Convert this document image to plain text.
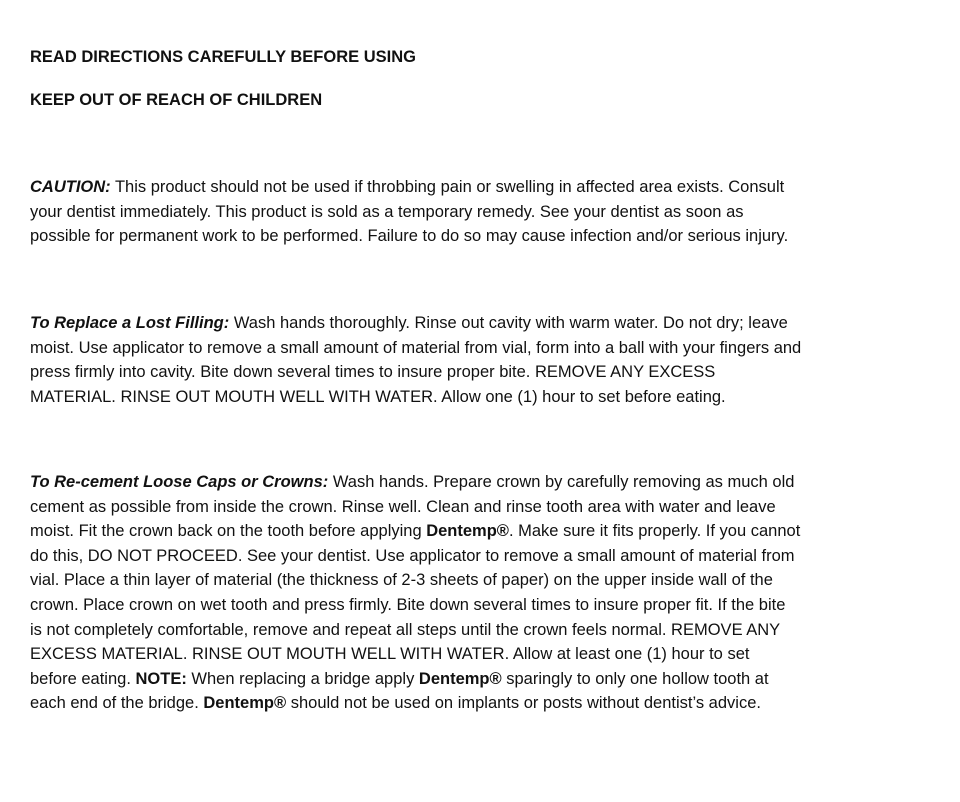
READ DIRECTIONS CAREFULLY BEFORE USING
KEEP OUT OF REACH OF CHILDREN
CAUTION: This product should not be used if throbbing pain or swelling in affected area exists. Consult
your dentist immediately. This product is sold as a temporary remedy. See your dentist as soon as
possible for permanent work to be performed. Failure to do so may cause infection and/or serious injury.
To Replace a Lost Filling: Wash hands thoroughly. Rinse out cavity with warm water. Do not dry; leave
moist. Use applicator to remove a small amount of material from vial, form into a ball with your fingers and
press firmly into cavity. Bite down several times to insure proper bite. REMOVE ANY EXCESS
MATERIAL. RINSE OUT MOUTH WELL WITH WATER. Allow one (1) hour to set before eating.
To Re-cement Loose Caps or Crowns: Wash hands. Prepare crown by carefully removing as much old
cement as possible from inside the crown. Rinse well. Clean and rinse tooth area with water and leave
moist. Fit the crown back on the tooth before applying Dentemp®. Make sure it fits properly. If you cannot
do this, DO NOT PROCEED. See your dentist. Use applicator to remove a small amount of material from
vial. Place a thin layer of material (the thickness of 2-3 sheets of paper) on the upper inside wall of the
crown. Place crown on wet tooth and press firmly. Bite down several times to insure proper fit. If the bite
is not completely comfortable, remove and repeat all steps until the crown feels normal. REMOVE ANY
EXCESS MATERIAL. RINSE OUT MOUTH WELL WITH WATER. Allow at least one (1) hour to set
before eating. NOTE: When replacing a bridge apply Dentemp® sparingly to only one hollow tooth at
each end of the bridge. Dentemp® should not be used on implants or posts without dentist’s advice.
